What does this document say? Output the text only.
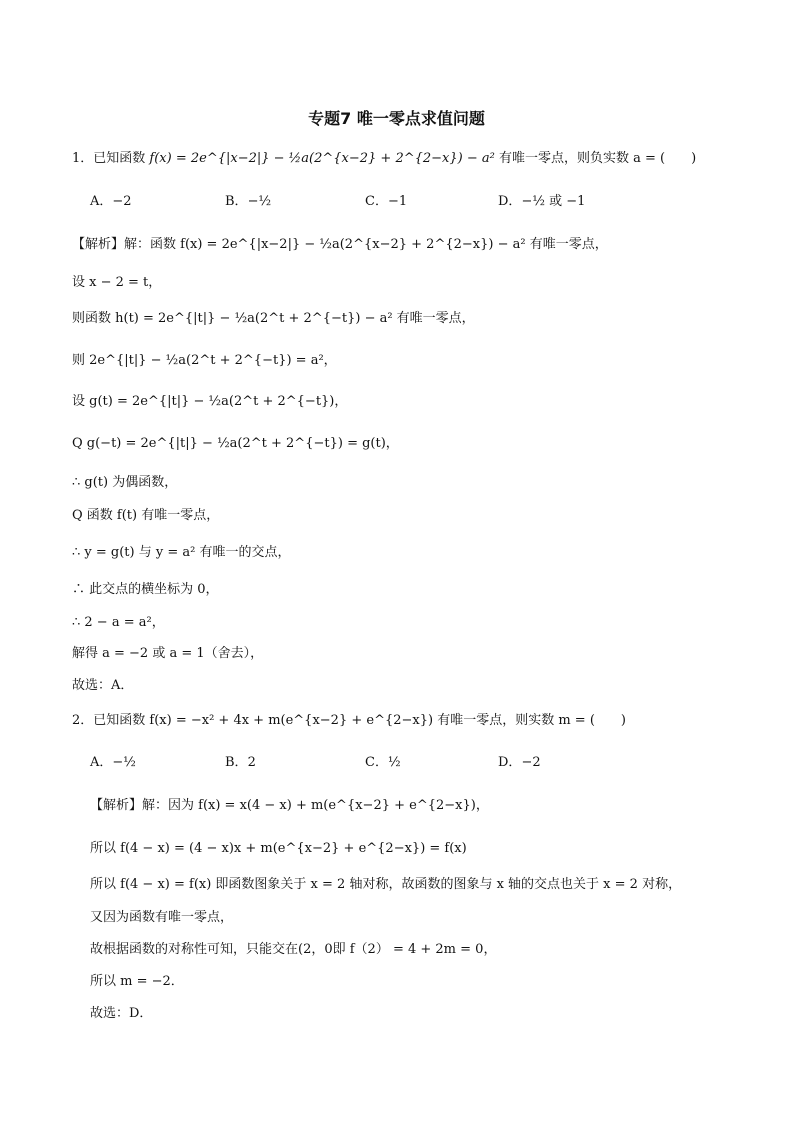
专题7 唯一零点求值问题
1．已知函数 f(x) = 2e^{|x−2|} − ½a(2^{x−2} + 2^{2−x}) − a² 有唯一零点，则负实数 a = (　　)
A．−2	B．−½	C．−1	D．−½ 或 −1
【解析】解：函数 f(x) = 2e^{|x−2|} − ½a(2^{x−2} + 2^{2−x}) − a² 有唯一零点，
设 x − 2 = t，
则函数 h(t) = 2e^{|t|} − ½a(2^t + 2^{−t}) − a² 有唯一零点，
则 2e^{|t|} − ½a(2^t + 2^{−t}) = a²，
设 g(t) = 2e^{|t|} − ½a(2^t + 2^{−t})，
Q g(−t) = 2e^{|t|} − ½a(2^t + 2^{−t}) = g(t)，
∴ g(t) 为偶函数，
Q 函数 f(t) 有唯一零点，
∴ y = g(t) 与 y = a² 有唯一的交点，
∴ 此交点的横坐标为 0，
∴ 2 − a = a²，
解得 a = −2 或 a = 1（舍去），
故选：A．
2．已知函数 f(x) = −x² + 4x + m(e^{x−2} + e^{2−x}) 有唯一零点，则实数 m = (　　)
A．−½	B．2	C．½	D．−2
【解析】解：因为 f(x) = x(4 − x) + m(e^{x−2} + e^{2−x})，
所以 f(4 − x) = (4 − x)x + m(e^{x−2} + e^{2−x}) = f(x)
所以 f(4 − x) = f(x) 即函数图象关于 x = 2 轴对称，故函数的图象与 x 轴的交点也关于 x = 2 对称，
又因为函数有唯一零点，
故根据函数的对称性可知，只能交在(2，0即 f（2） = 4 + 2m = 0，
所以 m = −2．
故选：D．
